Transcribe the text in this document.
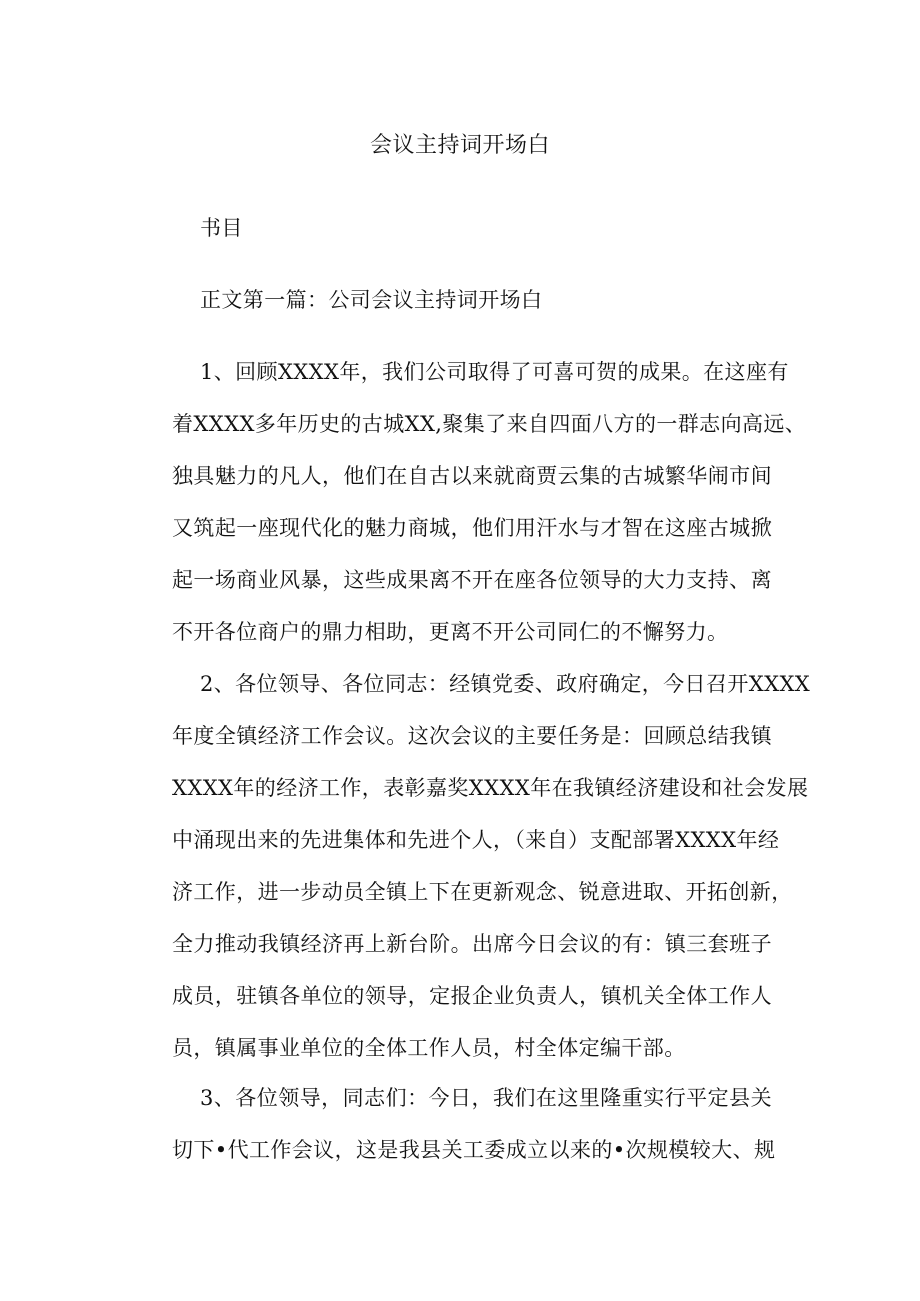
会议主持词开场白
书目
正文第一篇：公司会议主持词开场白
1、回顾XXXX年，我们公司取得了可喜可贺的成果。在这座有
着XXXX多年历史的古城XX,聚集了来自四面八方的一群志向高远、
独具魅力的凡人，他们在自古以来就商贾云集的古城繁华闹市间
又筑起一座现代化的魅力商城，他们用汗水与才智在这座古城掀
起一场商业风暴，这些成果离不开在座各位领导的大力支持、离
不开各位商户的鼎力相助，更离不开公司同仁的不懈努力。
2、各位领导、各位同志：经镇党委、政府确定，今日召开XXXX
年度全镇经济工作会议。这次会议的主要任务是：回顾总结我镇
XXXX年的经济工作，表彰嘉奖XXXX年在我镇经济建设和社会发展
中涌现出来的先进集体和先进个人，（来自）支配部署XXXX年经
济工作，进一步动员全镇上下在更新观念、锐意进取、开拓创新，
全力推动我镇经济再上新台阶。出席今日会议的有：镇三套班子
成员，驻镇各单位的领导，定报企业负责人，镇机关全体工作人
员，镇属事业单位的全体工作人员，村全体定编干部。
3、各位领导，同志们：今日，我们在这里隆重实行平定县关
切下•代工作会议，这是我县关工委成立以来的•次规模较大、规
